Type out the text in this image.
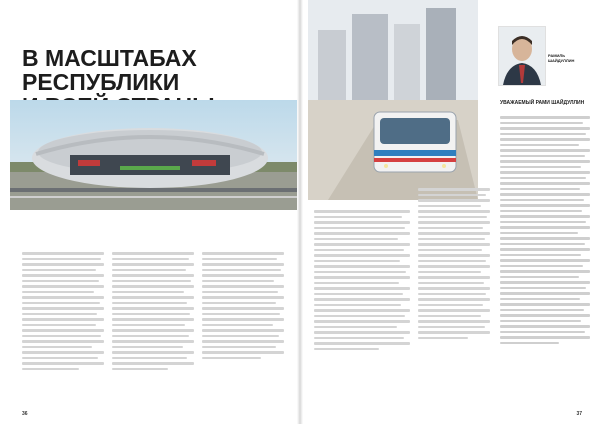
В МАСШТАБАХ РЕСПУБЛИКИ

36
РАМИЛЬ ШАЙДУЛЛИН
УВАЖАЕМЫЙ РАМИ ШАЙДУЛЛИН
37
